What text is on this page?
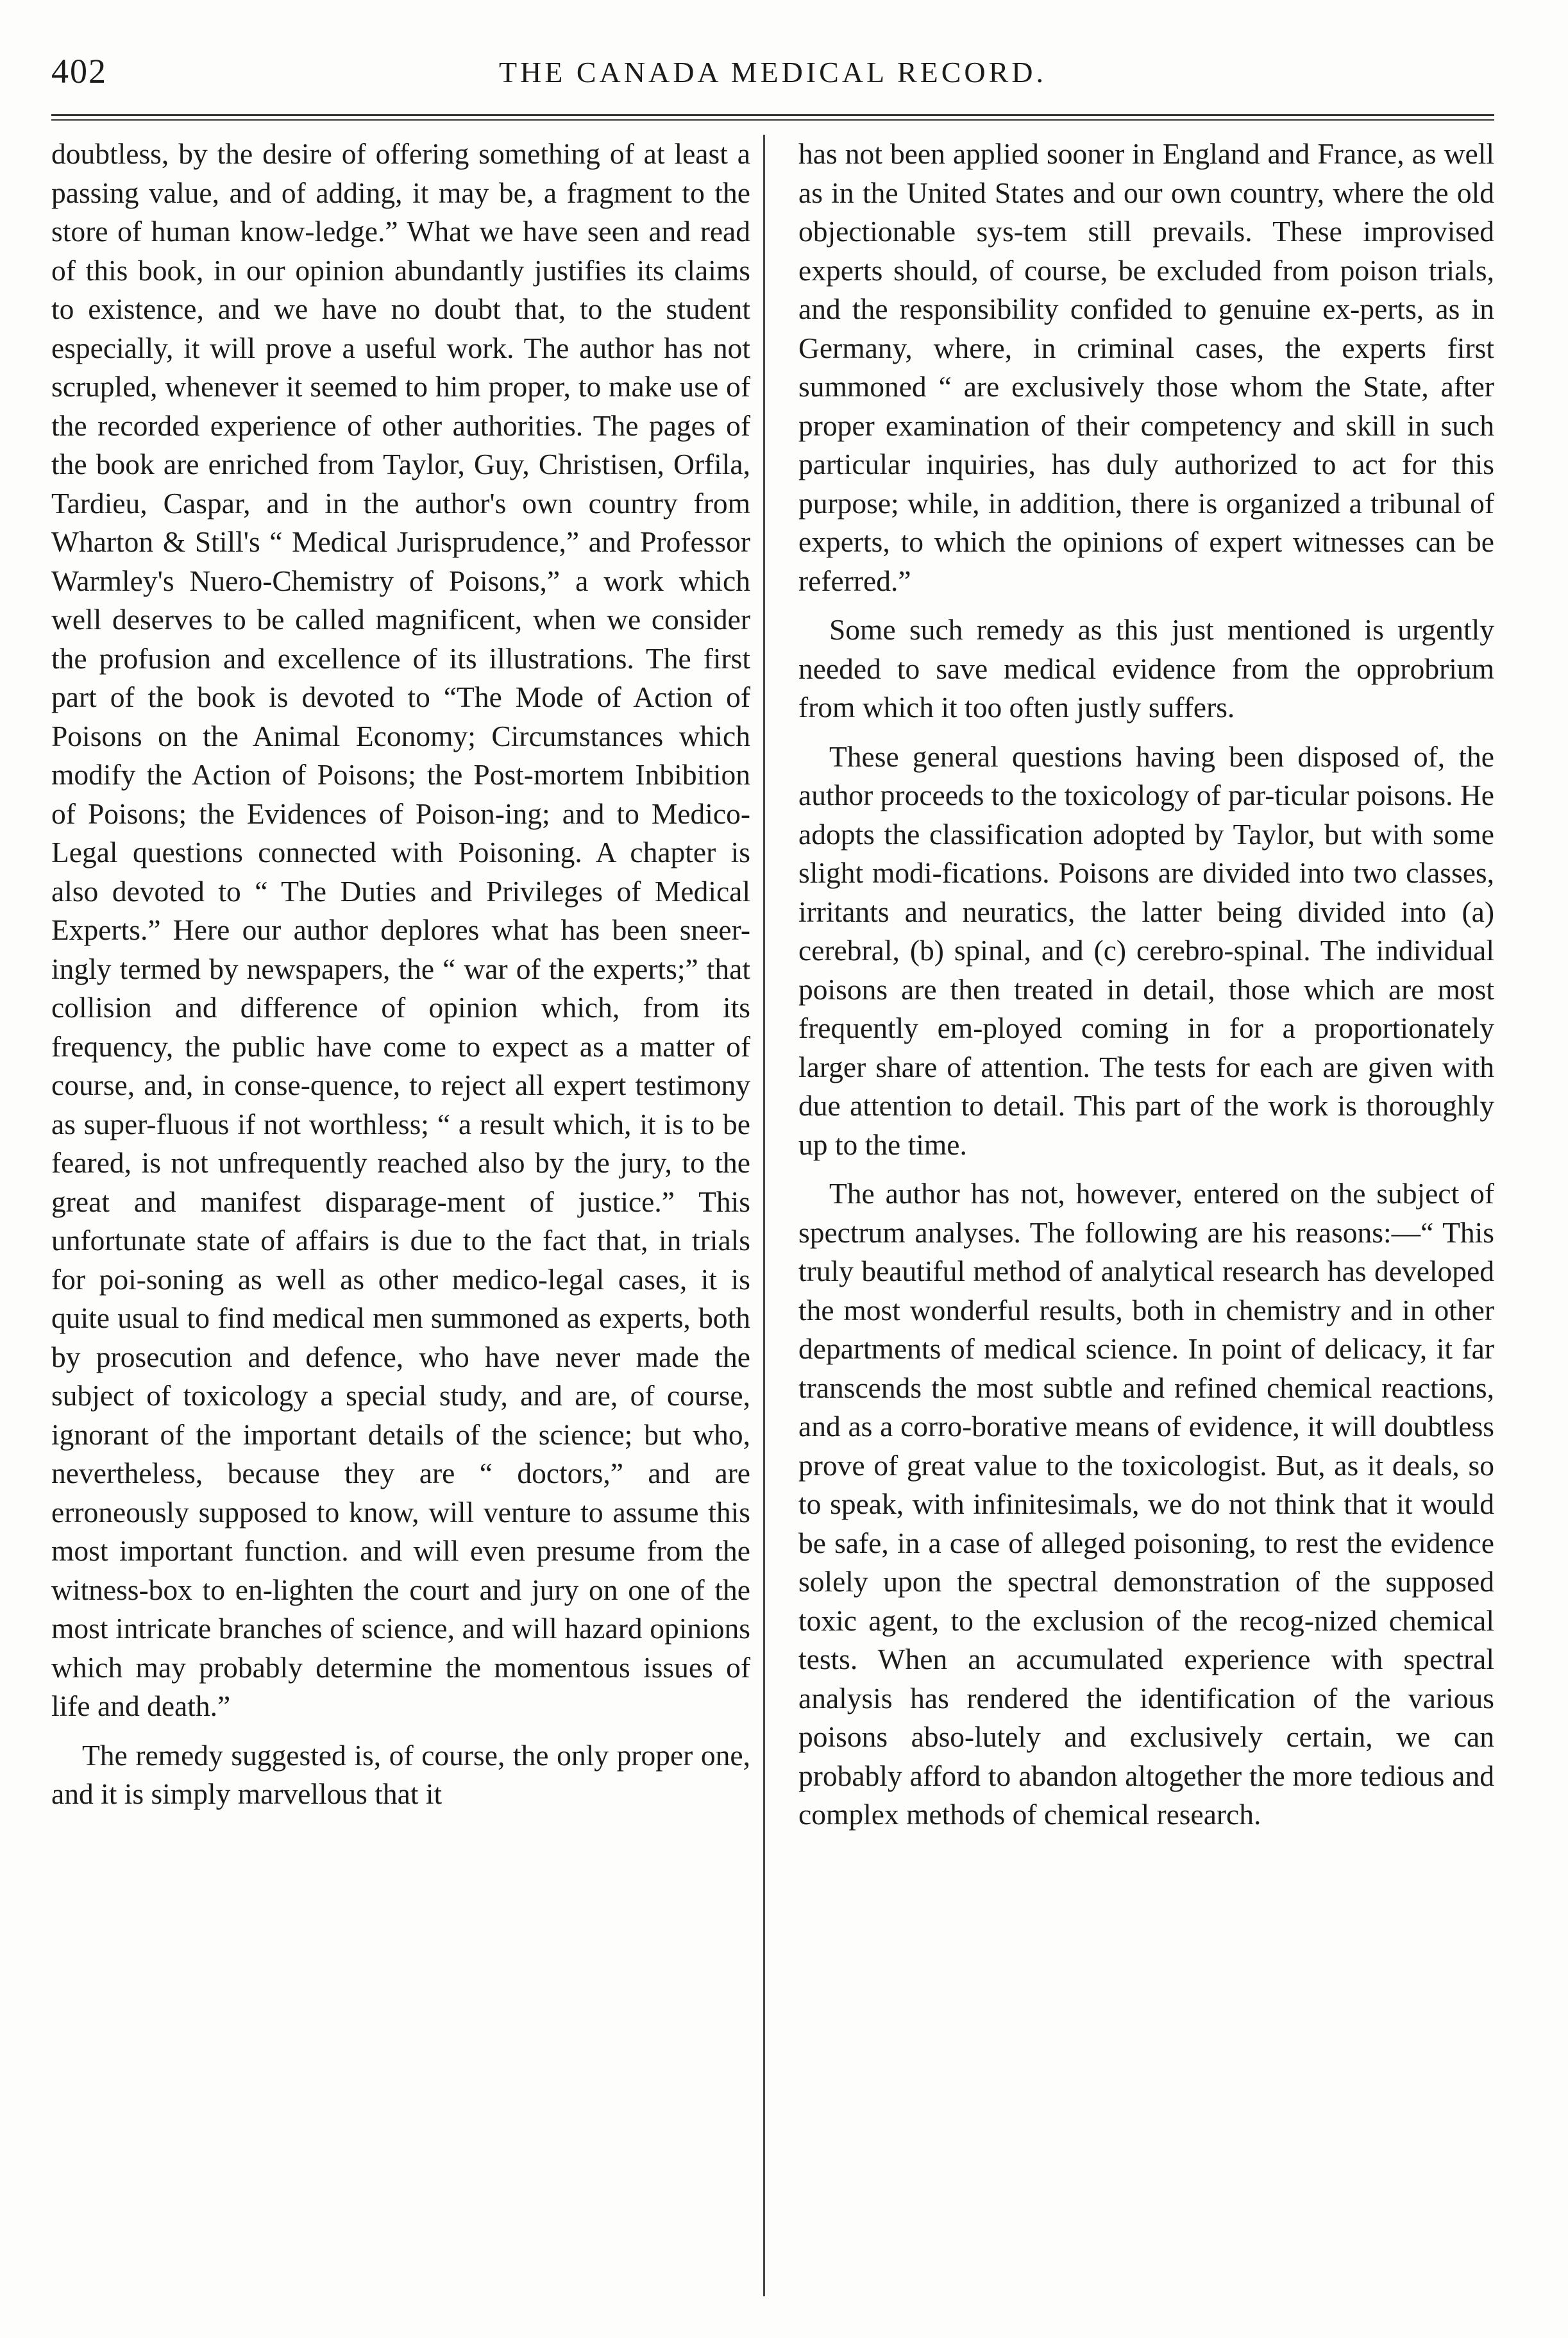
402	THE CANADA MEDICAL RECORD.

doubtless, by the desire of offering something of at least a passing value, and of adding, it may be, a fragment to the store of human know-ledge.” What we have seen and read of this book, in our opinion abundantly justifies its claims to existence, and we have no doubt that, to the student especially, it will prove a useful work. The author has not scrupled, whenever it seemed to him proper, to make use of the recorded experience of other authorities. The pages of the book are enriched from Taylor, Guy, Christisen, Orfila, Tardieu, Caspar, and in the author's own country from Wharton & Still's “ Medical Jurisprudence,” and Professor Warmley's Nuero-Chemistry of Poisons,” a work which well deserves to be called magnificent, when we consider the profusion and excellence of its illustrations. The first part of the book is devoted to “The Mode of Action of Poisons on the Animal Economy; Circumstances which modify the Action of Poisons; the Post-mortem Inbibition of Poisons; the Evidences of Poison-ing; and to Medico-Legal questions connected with Poisoning. A chapter is also devoted to “ The Duties and Privileges of Medical Experts.” Here our author deplores what has been sneer-ingly termed by newspapers, the “ war of the experts;” that collision and difference of opinion which, from its frequency, the public have come to expect as a matter of course, and, in conse-quence, to reject all expert testimony as super-fluous if not worthless; “ a result which, it is to be feared, is not unfrequently reached also by the jury, to the great and manifest disparage-ment of justice.” This unfortunate state of affairs is due to the fact that, in trials for poi-soning as well as other medico-legal cases, it is quite usual to find medical men summoned as experts, both by prosecution and defence, who have never made the subject of toxicology a special study, and are, of course, ignorant of the important details of the science; but who, nevertheless, because they are “ doctors,” and are erroneously supposed to know, will venture to assume this most important function. and will even presume from the witness-box to en-lighten the court and jury on one of the most intricate branches of science, and will hazard opinions which may probably determine the momentous issues of life and death.”

The remedy suggested is, of course, the only proper one, and it is simply marvellous that it

has not been applied sooner in England and France, as well as in the United States and our own country, where the old objectionable sys-tem still prevails. These improvised experts should, of course, be excluded from poison trials, and the responsibility confided to genuine ex-perts, as in Germany, where, in criminal cases, the experts first summoned “ are exclusively those whom the State, after proper examination of their competency and skill in such particular inquiries, has duly authorized to act for this purpose; while, in addition, there is organized a tribunal of experts, to which the opinions of expert witnesses can be referred.”

Some such remedy as this just mentioned is urgently needed to save medical evidence from the opprobrium from which it too often justly suffers.

These general questions having been disposed of, the author proceeds to the toxicology of par-ticular poisons. He adopts the classification adopted by Taylor, but with some slight modi-fications. Poisons are divided into two classes, irritants and neuratics, the latter being divided into (a) cerebral, (b) spinal, and (c) cerebro-spinal. The individual poisons are then treated in detail, those which are most frequently em-ployed coming in for a proportionately larger share of attention. The tests for each are given with due attention to detail. This part of the work is thoroughly up to the time.

The author has not, however, entered on the subject of spectrum analyses. The following are his reasons:—“ This truly beautiful method of analytical research has developed the most wonderful results, both in chemistry and in other departments of medical science. In point of delicacy, it far transcends the most subtle and refined chemical reactions, and as a corro-borative means of evidence, it will doubtless prove of great value to the toxicologist. But, as it deals, so to speak, with infinitesimals, we do not think that it would be safe, in a case of alleged poisoning, to rest the evidence solely upon the spectral demonstration of the supposed toxic agent, to the exclusion of the recog-nized chemical tests. When an accumulated experience with spectral analysis has rendered the identification of the various poisons abso-lutely and exclusively certain, we can probably afford to abandon altogether the more tedious and complex methods of chemical research.
